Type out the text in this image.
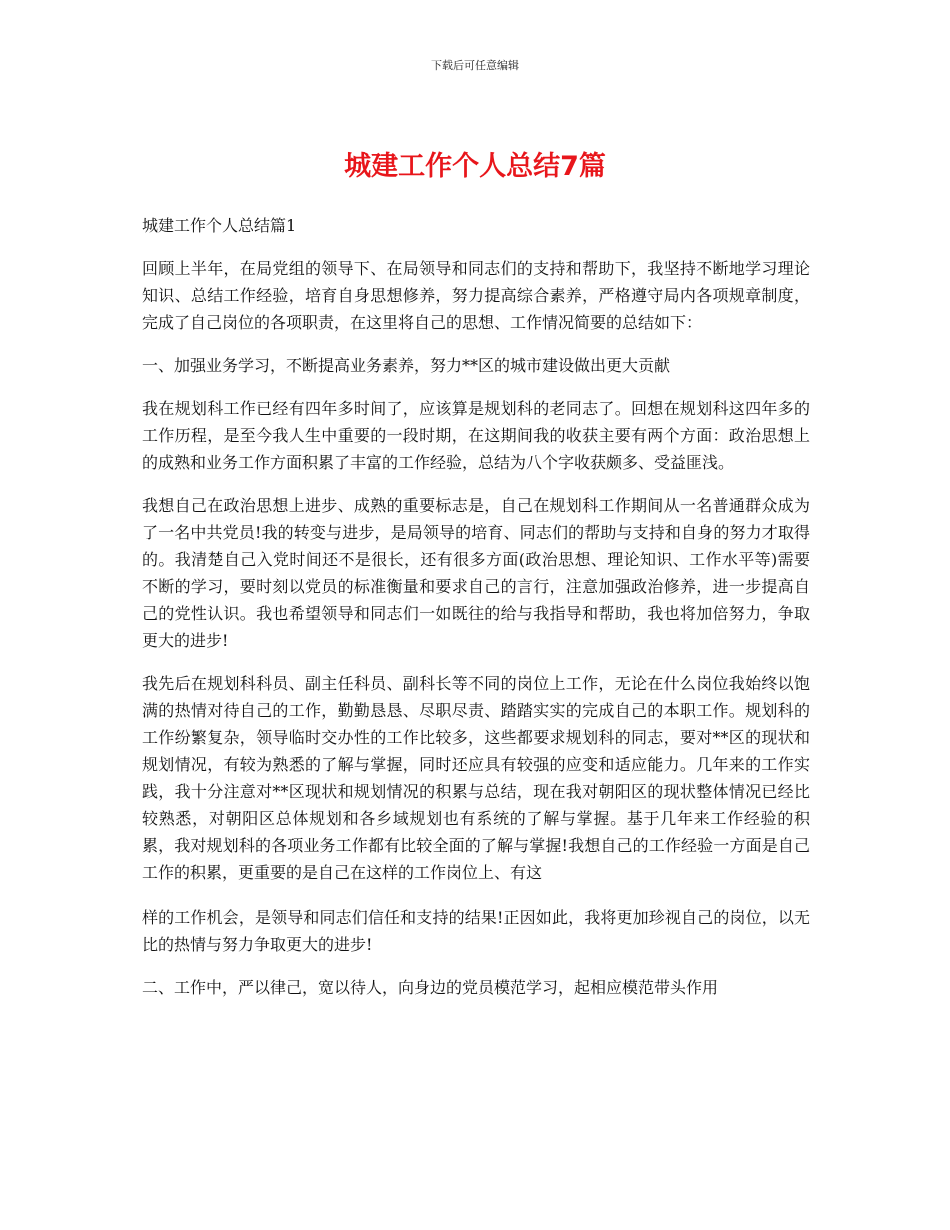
下载后可任意编辑
城建工作个人总结7篇

城建工作个人总结篇1

回顾上半年，在局党组的领导下、在局领导和同志们的支持和帮助下，我坚持不断地学习理论知识、总结工作经验，培育自身思想修养，努力提高综合素养，严格遵守局内各项规章制度，完成了自己岗位的各项职责，在这里将自己的思想、工作情况简要的总结如下：

一、加强业务学习，不断提高业务素养，努力**区的城市建设做出更大贡献

我在规划科工作已经有四年多时间了，应该算是规划科的老同志了。回想在规划科这四年多的工作历程，是至今我人生中重要的一段时期，在这期间我的收获主要有两个方面：政治思想上的成熟和业务工作方面积累了丰富的工作经验，总结为八个字收获颇多、受益匪浅。

我想自己在政治思想上进步、成熟的重要标志是，自己在规划科工作期间从一名普通群众成为了一名中共党员!我的转变与进步，是局领导的培育、同志们的帮助与支持和自身的努力才取得的。我清楚自己入党时间还不是很长，还有很多方面(政治思想、理论知识、工作水平等)需要不断的学习，要时刻以党员的标准衡量和要求自己的言行，注意加强政治修养，进一步提高自己的党性认识。我也希望领导和同志们一如既往的给与我指导和帮助，我也将加倍努力，争取更大的进步!

我先后在规划科科员、副主任科员、副科长等不同的岗位上工作，无论在什么岗位我始终以饱满的热情对待自己的工作，勤勤恳恳、尽职尽责、踏踏实实的完成自己的本职工作。规划科的工作纷繁复杂，领导临时交办性的工作比较多，这些都要求规划科的同志，要对**区的现状和规划情况，有较为熟悉的了解与掌握，同时还应具有较强的应变和适应能力。几年来的工作实践，我十分注意对**区现状和规划情况的积累与总结，现在我对朝阳区的现状整体情况已经比较熟悉，对朝阳区总体规划和各乡域规划也有系统的了解与掌握。基于几年来工作经验的积累，我对规划科的各项业务工作都有比较全面的了解与掌握!我想自己的工作经验一方面是自己工作的积累，更重要的是自己在这样的工作岗位上、有这

样的工作机会，是领导和同志们信任和支持的结果!正因如此，我将更加珍视自己的岗位，以无比的热情与努力争取更大的进步!

二、工作中，严以律己，宽以待人，向身边的党员模范学习，起相应模范带头作用
